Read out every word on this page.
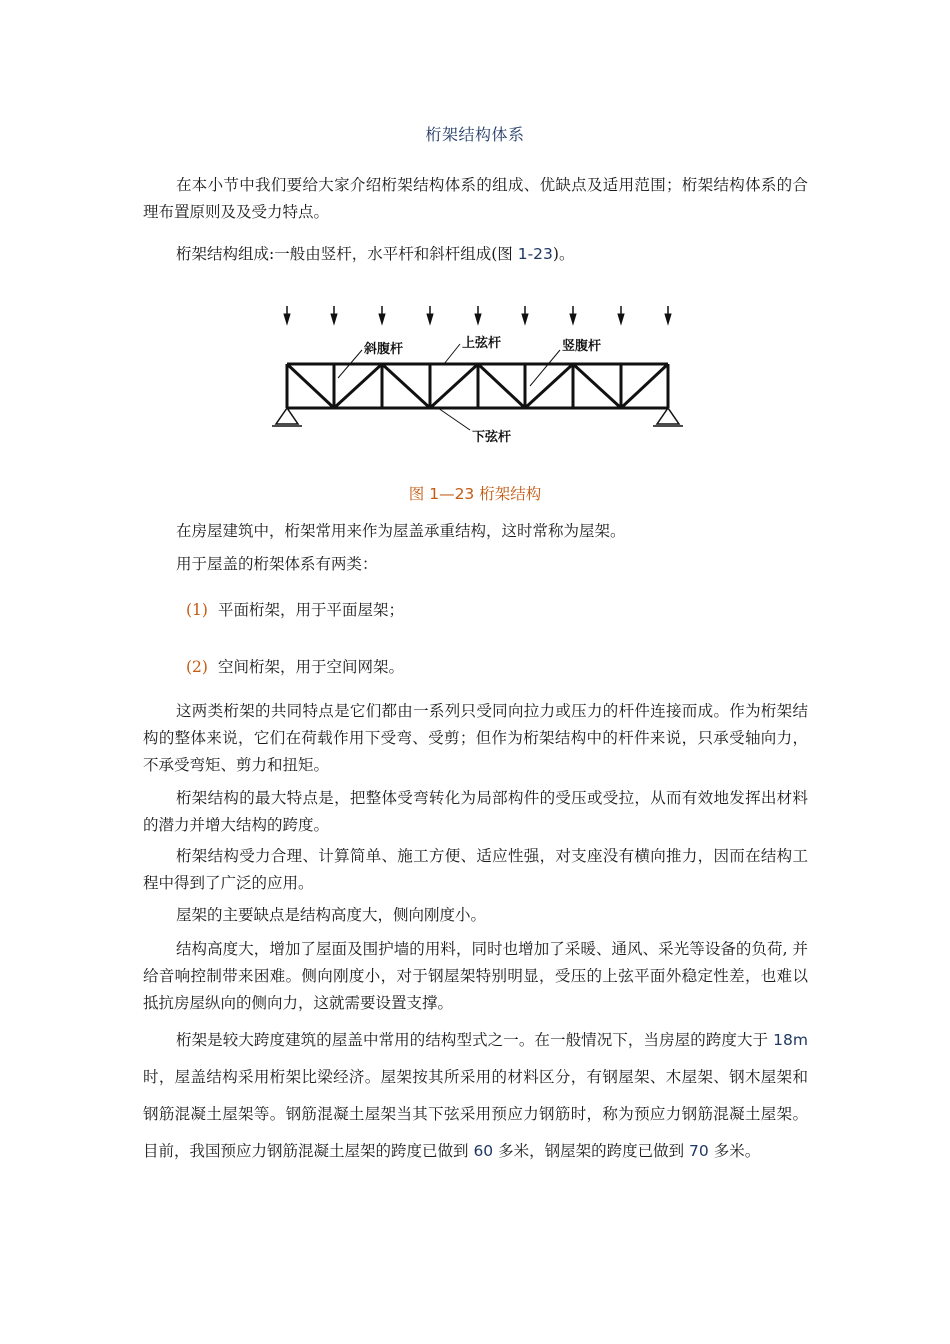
桁架结构体系

在本小节中我们要给大家介绍桁架结构体系的组成、优缺点及适用范围；桁架结构体系的合理布置原则及及受力特点。

桁架结构组成:一般由竖杆，水平杆和斜杆组成(图 1-23)。

斜腹杆	上弦杆	竖腹杆
下弦杆
图 1—23 桁架结构

在房屋建筑中，桁架常用来作为屋盖承重结构，这时常称为屋架。

用于屋盖的桁架体系有两类：

(1) 平面桁架，用于平面屋架；

(2) 空间桁架，用于空间网架。

这两类桁架的共同特点是它们都由一系列只受同向拉力或压力的杆件连接而成。作为桁架结构的整体来说，它们在荷载作用下受弯、受剪；但作为桁架结构中的杆件来说，只承受轴向力，不承受弯矩、剪力和扭矩。

桁架结构的最大特点是，把整体受弯转化为局部构件的受压或受拉，从而有效地发挥出材料的潜力并增大结构的跨度。

桁架结构受力合理、计算简单、施工方便、适应性强，对支座没有横向推力，因而在结构工程中得到了广泛的应用。

屋架的主要缺点是结构高度大，侧向刚度小。

结构高度大，增加了屋面及围护墙的用料，同时也增加了采暖、通风、采光等设备的负荷, 并给音响控制带来困难。侧向刚度小，对于钢屋架特别明显，受压的上弦平面外稳定性差，也难以抵抗房屋纵向的侧向力，这就需要设置支撑。

桁架是较大跨度建筑的屋盖中常用的结构型式之一。在一般情况下，当房屋的跨度大于 18m 时，屋盖结构采用桁架比梁经济。屋架按其所采用的材料区分，有钢屋架、木屋架、钢木屋架和钢筋混凝土屋架等。钢筋混凝土屋架当其下弦采用预应力钢筋时，称为预应力钢筋混凝土屋架。目前，我国预应力钢筋混凝土屋架的跨度已做到 60 多米，钢屋架的跨度已做到 70 多米。
